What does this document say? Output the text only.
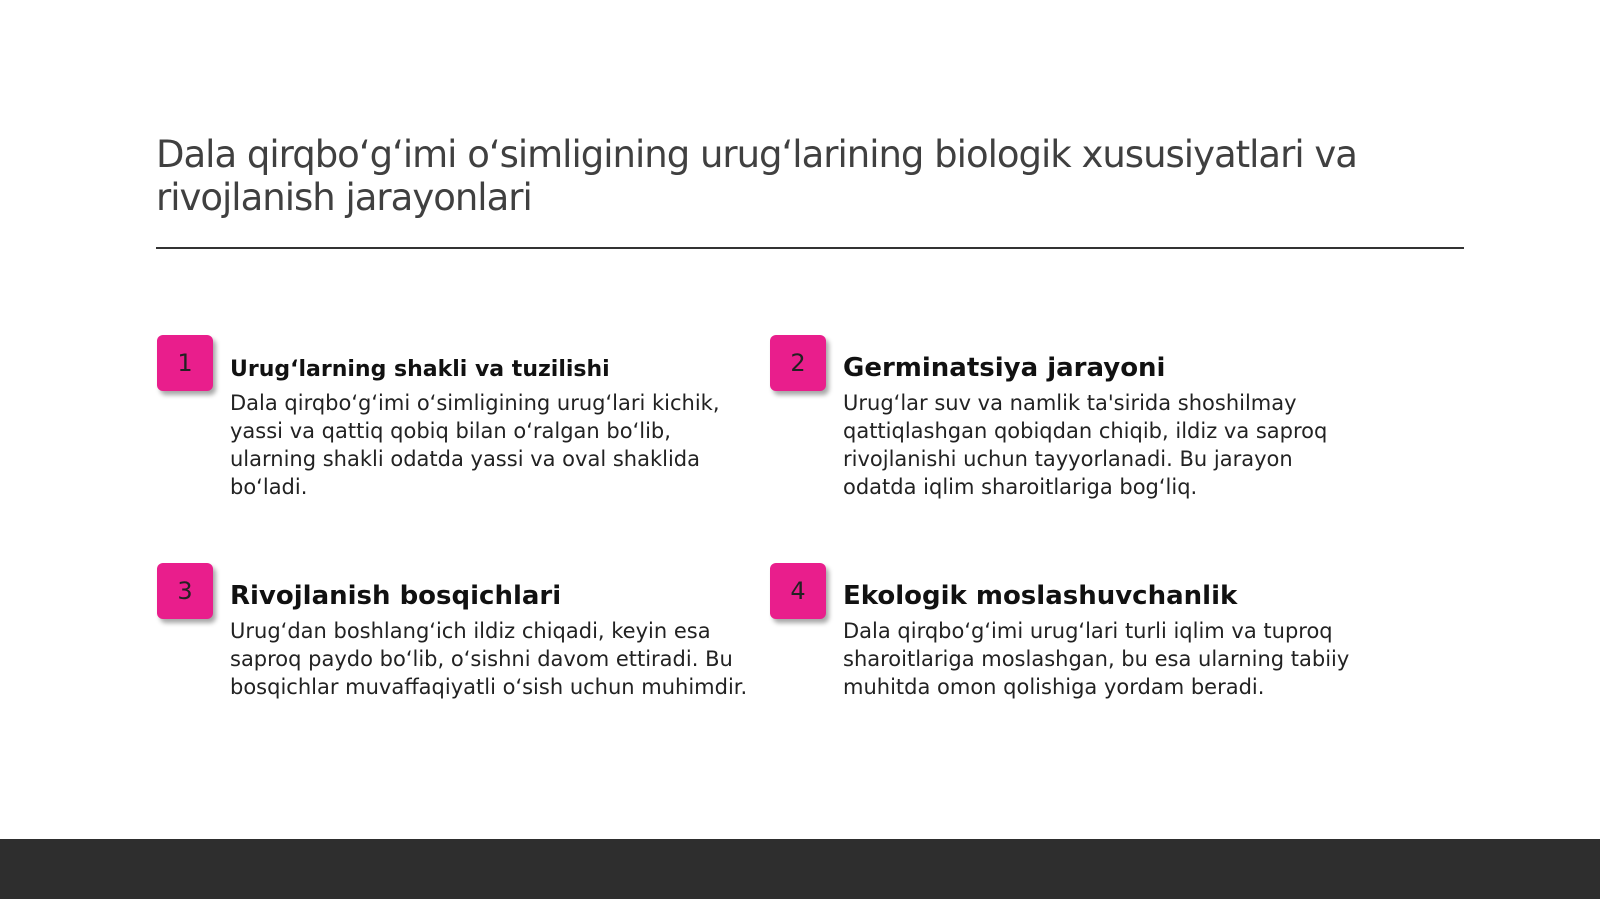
Dala qirqbo‘g‘imi o‘simligining urug‘larining biologik xususiyatlari va rivojlanish jarayonlari
1	Urug‘larning shakli va tuzilishi

Dala qirqbo‘g‘imi o‘simligining urug‘lari kichik, yassi va qattiq qobiq bilan o‘ralgan bo‘lib, ularning shakli odatda yassi va oval shaklida bo‘ladi.

2	Germinatsiya jarayoni

Urug‘lar suv va namlik ta'sirida shoshilmay qattiqlashgan qobiqdan chiqib, ildiz va saproq rivojlanishi uchun tayyorlanadi. Bu jarayon odatda iqlim sharoitlariga bog‘liq.

3	Rivojlanish bosqichlari

Urug‘dan boshlang‘ich ildiz chiqadi, keyin esa saproq paydo bo‘lib, o‘sishni davom ettiradi. Bu bosqichlar muvaffaqiyatli o‘sish uchun muhimdir.

4	Ekologik moslashuvchanlik

Dala qirqbo‘g‘imi urug‘lari turli iqlim va tuproq sharoitlariga moslashgan, bu esa ularning tabiiy muhitda omon qolishiga yordam beradi.
